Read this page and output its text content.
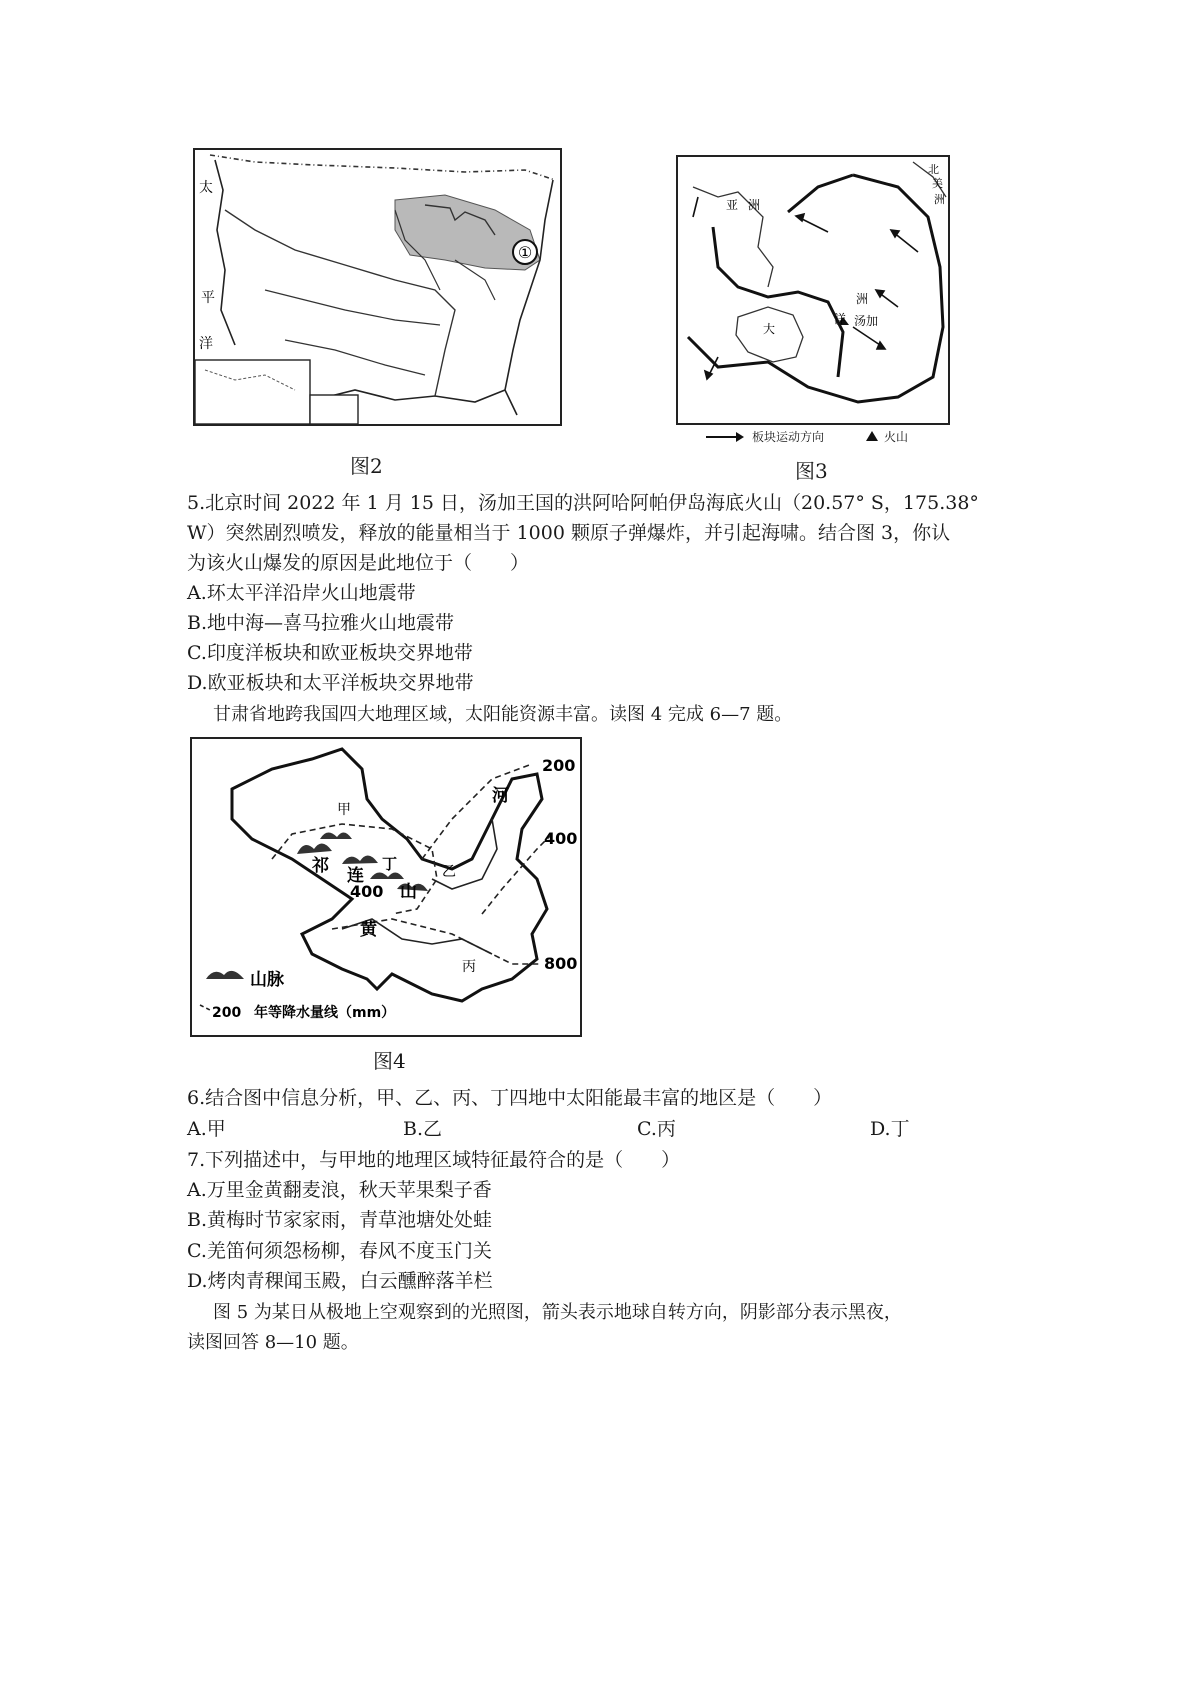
①
太
平
洋
图2
亚 洲
北
美
洲
洲
洋
大
汤加
板块运动方向	火山
图3
5.北京时间 2022 年 1 月 15 日，汤加王国的洪阿哈阿帕伊岛海底火山（20.57° S，175.38°
W）突然剧烈喷发，释放的能量相当于 1000 颗原子弹爆炸，并引起海啸。结合图 3，你认
为该火山爆发的原因是此地位于（　　）
A.环太平洋沿岸火山地震带
B.地中海—喜马拉雅火山地震带
C.印度洋板块和欧亚板块交界地带
D.欧亚板块和太平洋板块交界地带
甘肃省地跨我国四大地理区域，太阳能资源丰富。读图 4 完成 6—7 题。
山脉
200 年等降水量线（mm）
甲
乙
丙
丁
祁 连
山
河
黄
200
400
400
800
图4
6.结合图中信息分析，甲、乙、丙、丁四地中太阳能最丰富的地区是（　　）
A.甲	B.乙	C.丙	D.丁
7.下列描述中，与甲地的地理区域特征最符合的是（　　）
A.万里金黄翻麦浪，秋天苹果梨子香
B.黄梅时节家家雨，青草池塘处处蛙
C.羌笛何须怨杨柳，春风不度玉门关
D.烤肉青稞闻玉殿，白云醺醉落羊栏
图 5 为某日从极地上空观察到的光照图，箭头表示地球自转方向，阴影部分表示黑夜，
读图回答 8—10 题。
